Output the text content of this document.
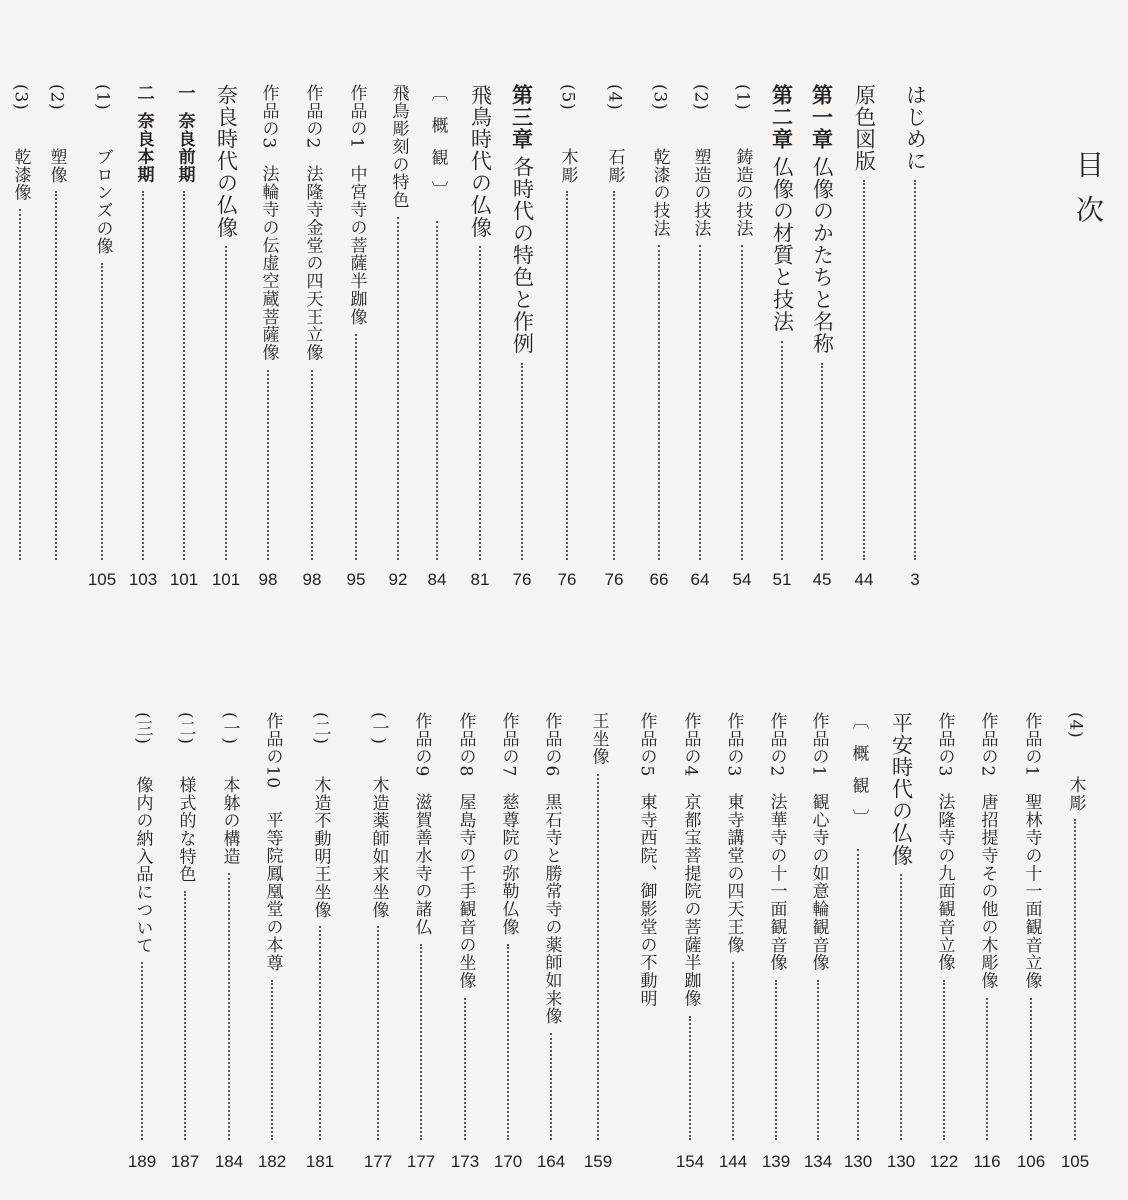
目次
はじめに
原色図版
第一章
仏像のかたちと名称
第二章
仏像の材質と技法
(1)
鋳造の技法
(2)
塑造の技法
(3)
乾漆の技法
(4)
石彫
(5)
木彫
第三章
各時代の特色と作例
飛鳥時代の仏像
〔概観〕
飛鳥彫刻の特色
作品の1
中宮寺の菩薩半跏像
作品の2
法隆寺金堂の四天王立像
作品の3
法輪寺の伝虚空蔵菩薩像
奈良時代の仏像
一
奈良前期
二
奈良本期
(1)
ブロンズの像
(2)
塑像
(3)
乾漆像
3
44
45
51
54
64
66
76
76
76
81
84
92
95
98
98
101
101
103
105
(4)
木彫
作品の1
聖林寺の十一面観音立像
作品の2
唐招提寺その他の木彫像
作品の3
法隆寺の九面観音立像
平安時代の仏像
〔概観〕
作品の1
観心寺の如意輪観音像
作品の2
法華寺の十一面観音像
作品の3
東寺講堂の四天王像
作品の4
京都宝菩提院の菩薩半跏像
作品の5
東寺西院、御影堂の不動明
王坐像
作品の6
黒石寺と勝常寺の薬師如来像
作品の7
慈尊院の弥勒仏像
作品の8
屋島寺の千手観音の坐像
作品の9
滋賀善水寺の諸仏
(一)
木造薬師如来坐像
(二)
木造不動明王坐像
作品の10
平等院鳳凰堂の本尊
(一)
本躰の構造
(二)
様式的な特色
(三)
像内の納入品について
105
106
116
122
130
130
134
139
144
154
159
164
170
173
177
177
181
182
184
187
189
